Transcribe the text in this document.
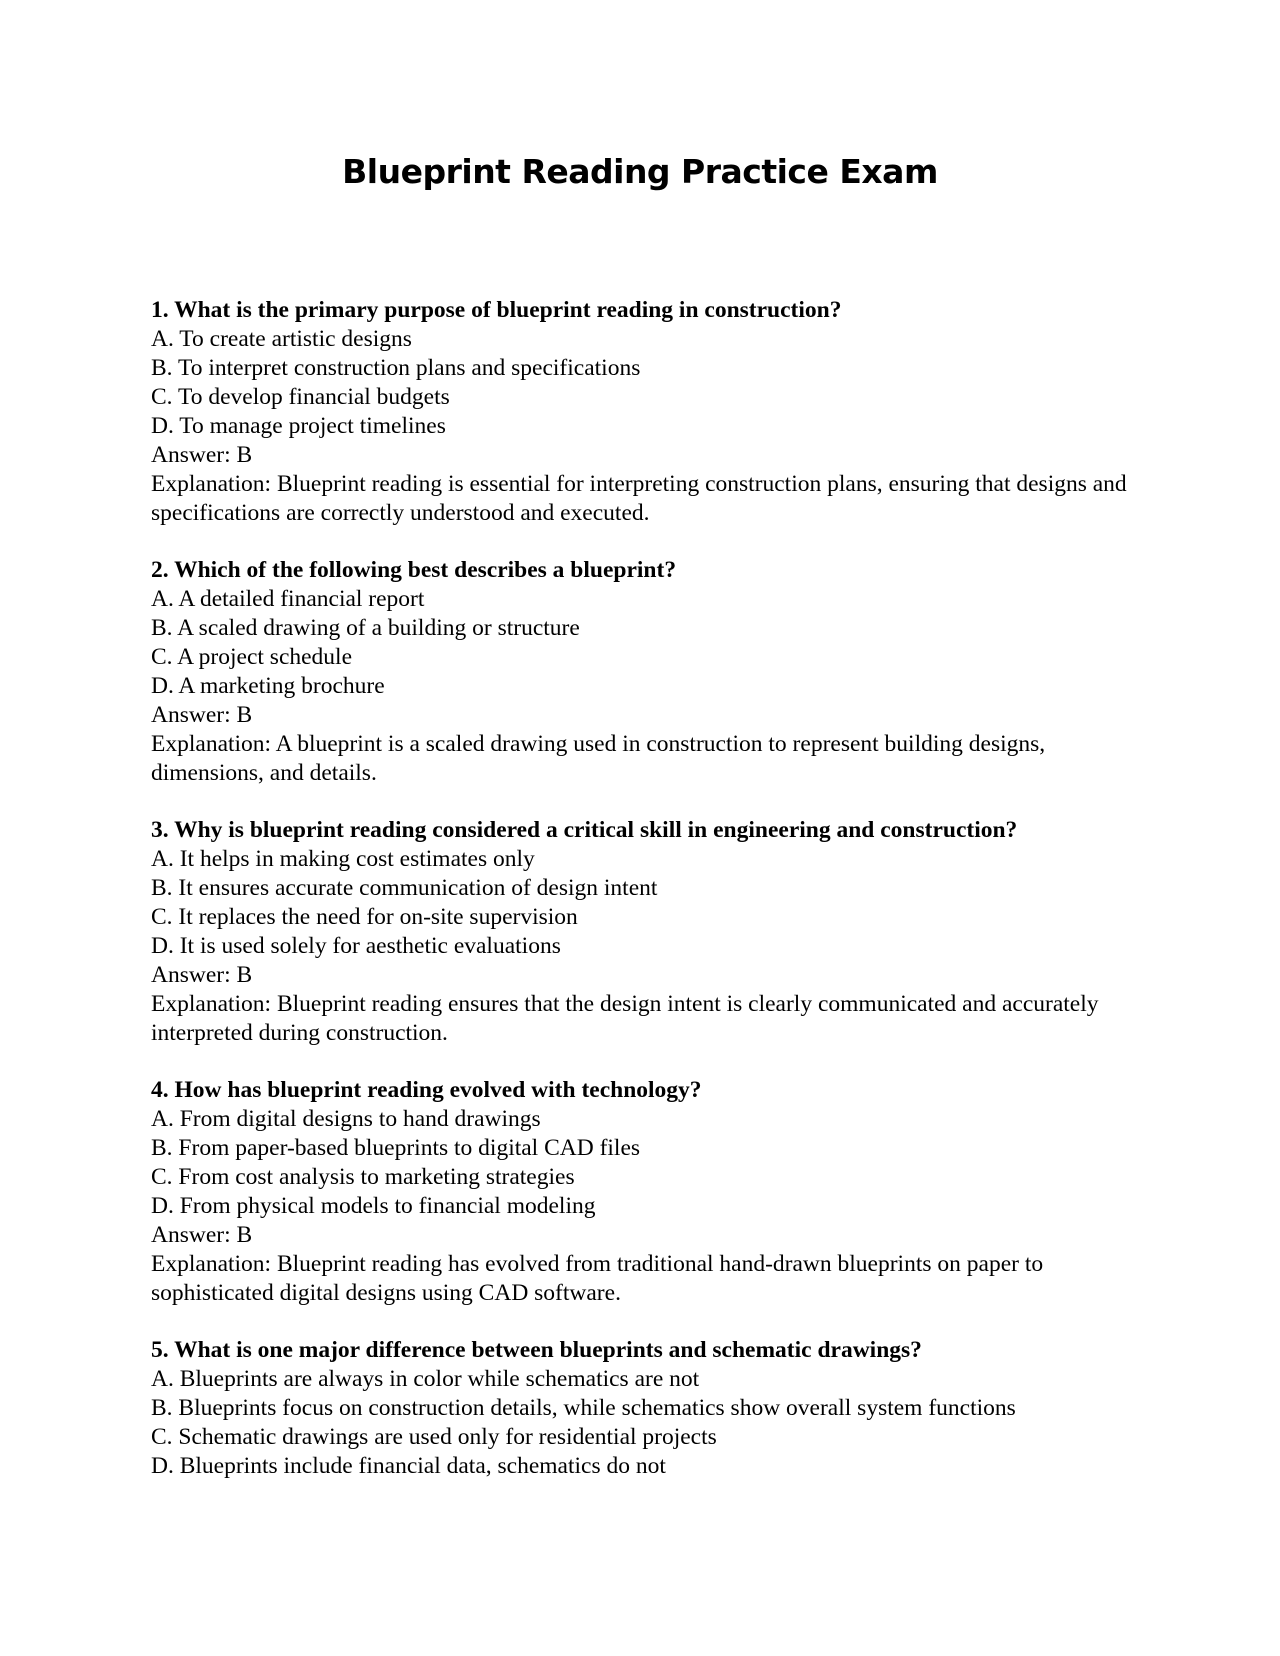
Blueprint Reading Practice Exam
1. What is the primary purpose of blueprint reading in construction?
A. To create artistic designs
B. To interpret construction plans and specifications
C. To develop financial budgets
D. To manage project timelines
Answer: B
Explanation: Blueprint reading is essential for interpreting construction plans, ensuring that designs and specifications are correctly understood and executed.
2. Which of the following best describes a blueprint?
A. A detailed financial report
B. A scaled drawing of a building or structure
C. A project schedule
D. A marketing brochure
Answer: B
Explanation: A blueprint is a scaled drawing used in construction to represent building designs, dimensions, and details.
3. Why is blueprint reading considered a critical skill in engineering and construction?
A. It helps in making cost estimates only
B. It ensures accurate communication of design intent
C. It replaces the need for on-site supervision
D. It is used solely for aesthetic evaluations
Answer: B
Explanation: Blueprint reading ensures that the design intent is clearly communicated and accurately interpreted during construction.
4. How has blueprint reading evolved with technology?
A. From digital designs to hand drawings
B. From paper-based blueprints to digital CAD files
C. From cost analysis to marketing strategies
D. From physical models to financial modeling
Answer: B
Explanation: Blueprint reading has evolved from traditional hand-drawn blueprints on paper to sophisticated digital designs using CAD software.
5. What is one major difference between blueprints and schematic drawings?
A. Blueprints are always in color while schematics are not
B. Blueprints focus on construction details, while schematics show overall system functions
C. Schematic drawings are used only for residential projects
D. Blueprints include financial data, schematics do not
